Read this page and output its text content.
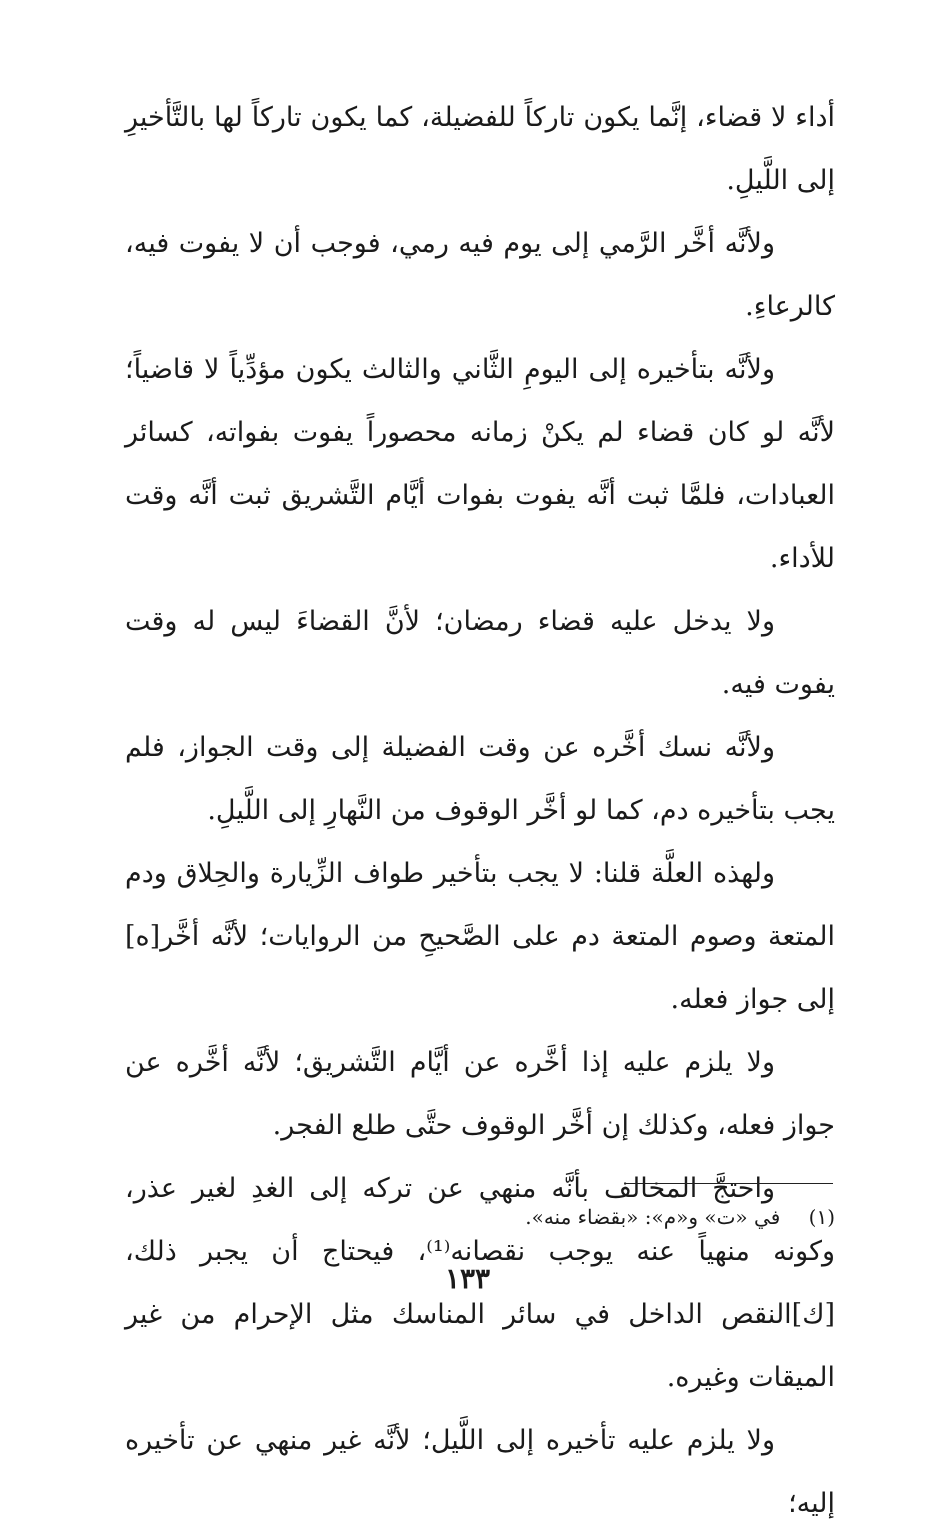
أداء لا قضاء، إنَّما يكون تاركاً للفضيلة، كما يكون تاركاً لها بالتَّأخيرِ إلى اللَّيلِ.

ولأنَّه أخَّر الرَّمي إلى يوم فيه رمي، فوجب أن لا يفوت فيه، كالرعاءِ.

ولأنَّه بتأخيره إلى اليومِ الثَّاني والثالث يكون مؤدِّياً لا قاضياً؛ لأنَّه لو كان قضاء لم يكنْ زمانه محصوراً يفوت بفواته، كسائر العبادات، فلمَّا ثبت أنَّه يفوت بفوات أيَّام التَّشريق ثبت أنَّه وقت للأداء.

ولا يدخل عليه قضاء رمضان؛ لأنَّ القضاءَ ليس له وقت يفوت فيه.

ولأنَّه نسك أخَّره عن وقت الفضيلة إلى وقت الجواز، فلم يجب بتأخيره دم، كما لو أخَّر الوقوف من النَّهارِ إلى اللَّيلِ.

ولهذه العلَّة قلنا: لا يجب بتأخير طواف الزِّيارة والحِلاق ودم المتعة وصوم المتعة دم على الصَّحيحِ من الروايات؛ لأنَّه أخَّر[ه] إلى جواز فعله.

ولا يلزم عليه إذا أخَّره عن أيَّام التَّشريق؛ لأنَّه أخَّره عن جواز فعله، وكذلك إن أخَّر الوقوف حتَّى طلع الفجر.

واحتجَّ المخالف بأنَّه منهي عن تركه إلى الغدِ لغير عذر، وكونه منهياً عنه يوجب نقصانه⁽¹⁾، فيحتاج أن يجبر ذلك، [ك]النقص الداخل في سائر المناسك مثل الإحرام من غير الميقات وغيره.

ولا يلزم عليه تأخيره إلى اللَّيل؛ لأنَّه غير منهي عن تأخيره إليه؛

(١) في «ت» و«م»: «بقضاء منه».
١٣٣
